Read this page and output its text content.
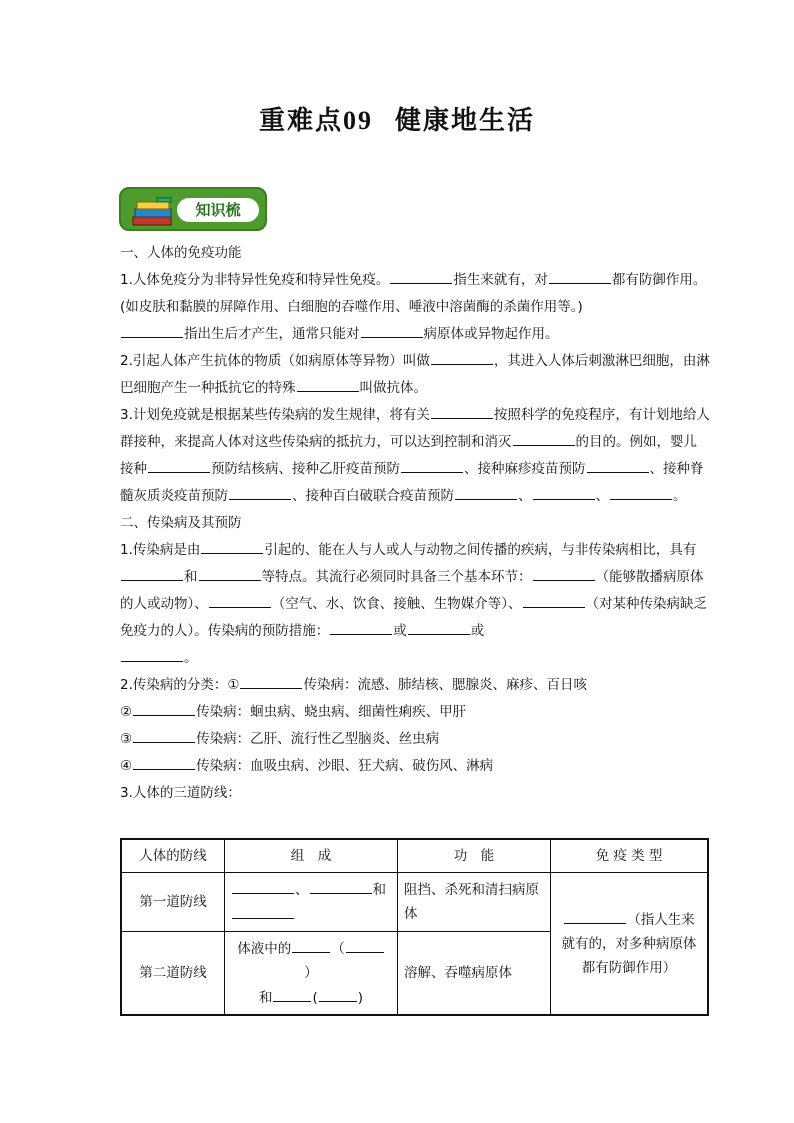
重难点09 健康地生活
知识梳

一、人体的免疫功能

1.人体免疫分为非特异性免疫和特异性免疫。	指生来就有，对	都有防御作用。(如皮肤和黏膜的屏障作用、白细胞的吞噬作用、唾液中溶菌酶的杀菌作用等。)
指出生后才产生，通常只能对	病原体或异物起作用。

2.引起人体产生抗体的物质（如病原体等异物）叫做	，其进入人体后刺激淋巴细胞，由淋巴细胞产生一种抵抗它的特殊	叫做抗体。

3.计划免疫就是根据某些传染病的发生规律，将有关	按照科学的免疫程序，有计划地给人群接种，来提高人体对这些传染病的抵抗力，可以达到控制和消灭	的目的。例如，婴儿接种	预防结核病、接种乙肝疫苗预防	、接种麻疹疫苗预防	、接种脊髓灰质炎疫苗预防	、接种百白破联合疫苗预防	、	、	。

二、传染病及其预防

1.传染病是由	引起的、能在人与人或人与动物之间传播的疾病，与非传染病相比，具有和	等特点。其流行必须同时具备三个基本环节：	（能够散播病原体的人或动物）、	（空气、水、饮食、接触、生物媒介等）、	（对某种传染病缺乏免疫力的人）。传染病的预防措施：	或	或
。

2.传染病的分类：①	传染病：流感、肺结核、腮腺炎、麻疹、百日咳

②	传染病：蛔虫病、蛲虫病、细菌性痢疾、甲肝

③	传染病：乙肝、流行性乙型脑炎、丝虫病

④	传染病：血吸虫病、沙眼、狂犬病、破伤风、淋病

3.人体的三道防线：

人体的防线	组　成	功　能	免 疫 类 型
第一道防线	、 和	阻挡、杀死和清扫病原体	（指人生来就有的，对多种病原体都有防御作用）
第二道防线	体液中的 （）
和 ( )	溶解、吞噬病原体	
